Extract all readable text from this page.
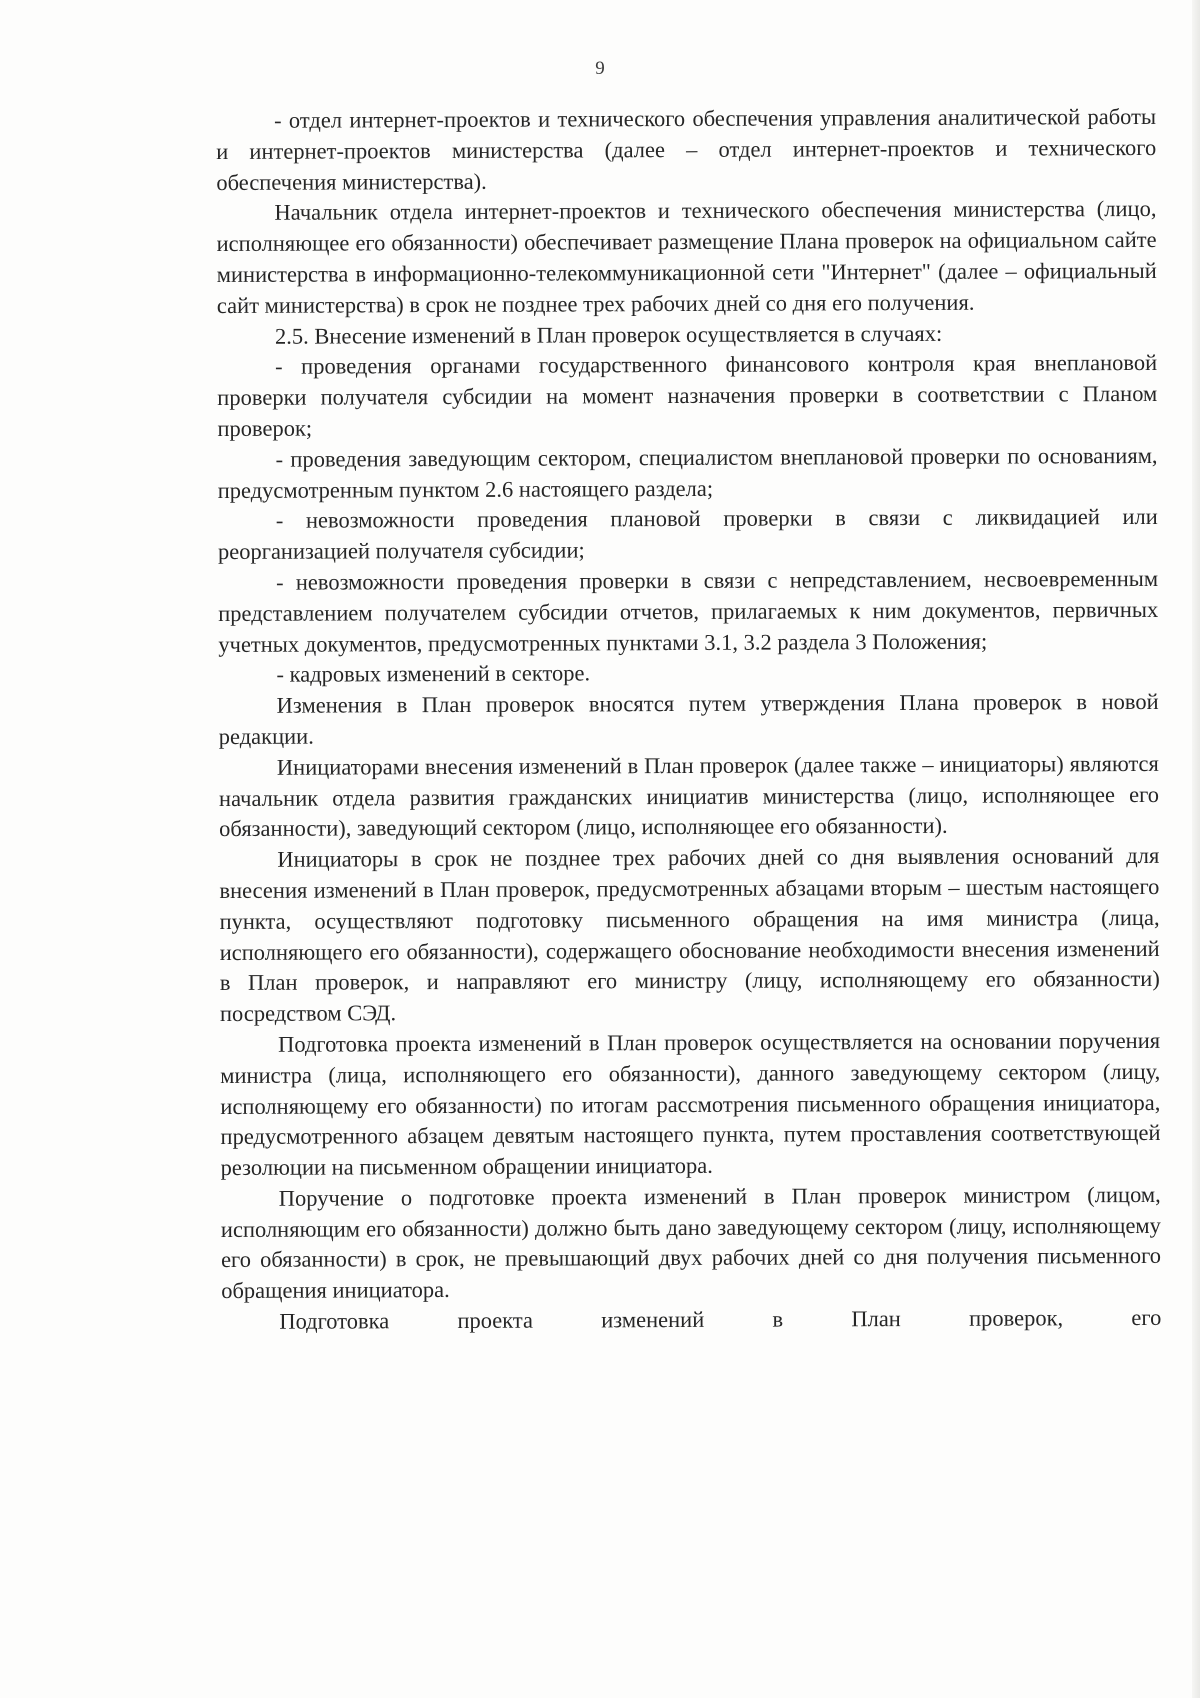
9

- отдел интернет-проектов и технического обеспечения управления аналитической работы и интернет-проектов министерства (далее – отдел интернет-проектов и технического обеспечения министерства).

Начальник отдела интернет-проектов и технического обеспечения министерства (лицо, исполняющее его обязанности) обеспечивает размещение Плана проверок на официальном сайте министерства в информационно-телекоммуникационной сети "Интернет" (далее – официальный сайт министерства) в срок не позднее трех рабочих дней со дня его получения.

2.5. Внесение изменений в План проверок осуществляется в случаях:

- проведения органами государственного финансового контроля края внеплановой проверки получателя субсидии на момент назначения проверки в соответствии с Планом проверок;

- проведения заведующим сектором, специалистом внеплановой проверки по основаниям, предусмотренным пунктом 2.6 настоящего раздела;

- невозможности проведения плановой проверки в связи с ликвидацией или реорганизацией получателя субсидии;

- невозможности проведения проверки в связи с непредставлением, несвоевременным представлением получателем субсидии отчетов, прилагаемых к ним документов, первичных учетных документов, предусмотренных пунктами 3.1, 3.2 раздела 3 Положения;

- кадровых изменений в секторе.

Изменения в План проверок вносятся путем утверждения Плана проверок в новой редакции.

Инициаторами внесения изменений в План проверок (далее также – инициаторы) являются начальник отдела развития гражданских инициатив министерства (лицо, исполняющее его обязанности), заведующий сектором (лицо, исполняющее его обязанности).

Инициаторы в срок не позднее трех рабочих дней со дня выявления оснований для внесения изменений в План проверок, предусмотренных абзацами вторым – шестым настоящего пункта, осуществляют подготовку письменного обращения на имя министра (лица, исполняющего его обязанности), содержащего обоснование необходимости внесения изменений в План проверок, и направляют его министру (лицу, исполняющему его обязанности) посредством СЭД.

Подготовка проекта изменений в План проверок осуществляется на основании поручения министра (лица, исполняющего его обязанности), данного заведующему сектором (лицу, исполняющему его обязанности) по итогам рассмотрения письменного обращения инициатора, предусмотренного абзацем девятым настоящего пункта, путем проставления соответствующей резолюции на письменном обращении инициатора.

Поручение о подготовке проекта изменений в План проверок министром (лицом, исполняющим его обязанности) должно быть дано заведующему сектором (лицу, исполняющему его обязанности) в срок, не превышающий двух рабочих дней со дня получения письменного обращения инициатора.

Подготовка проекта изменений в План проверок, его
